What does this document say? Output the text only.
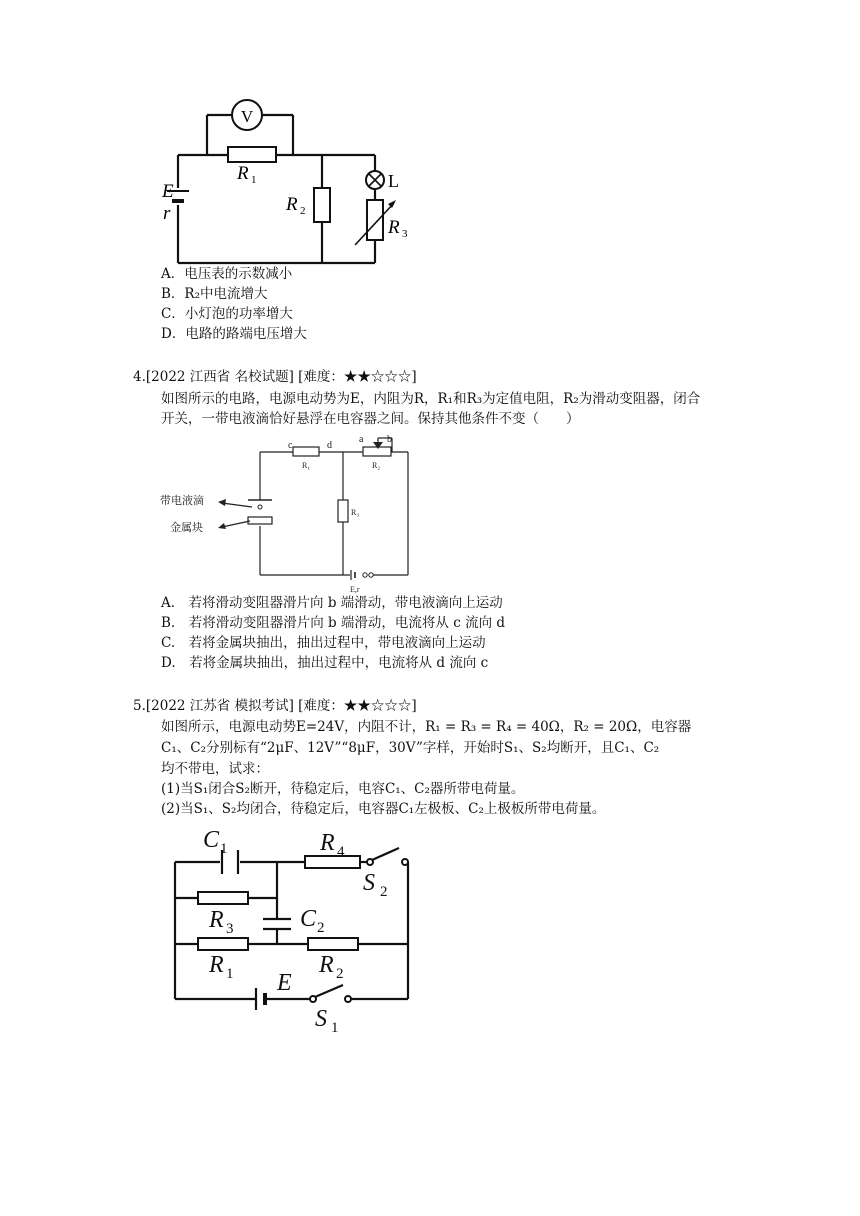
V
R 1
R 2
L
R 3
E
r
A．电压表的示数减小
B．R₂中电流增大
C．小灯泡的功率增大
D．电路的路端电压增大
4.[2022 江西省 名校试题] [难度：★★☆☆☆]
如图所示的电路，电源电动势为E，内阻为R，R₁和R₃为定值电阻，R₂为滑动变阻器，闭合
开关，一带电液滴恰好悬浮在电容器之间。保持其他条件不变（　　）
c	d
a b
R₁	R₂
R₃
带电液滴
金属块
E,r
A.　若将滑动变阻器滑片向 b 端滑动，带电液滴向上运动
B.　若将滑动变阻器滑片向 b 端滑动，电流将从 c 流向 d
C.　若将金属块抽出，抽出过程中，带电液滴向上运动
D.　若将金属块抽出，抽出过程中，电流将从 d 流向 c
5.[2022 江苏省 模拟考试] [难度：★★☆☆☆]
如图所示，电源电动势E=24V，内阻不计，R₁ = R₃ = R₄ = 40Ω，R₂ = 20Ω，电容器
C₁、C₂分别标有“2μF、12V”“8μF，30V”字样，开始时S₁、S₂均断开，且C₁、C₂
均不带电，试求：
(1)当S₁闭合S₂断开，待稳定后，电容C₁、C₂器所带电荷量。
(2)当S₁、S₂均闭合，待稳定后，电容器C₁左极板、C₂上极板所带电荷量。
C	R
S
R	C
R	R
E
S
1	4
2
3	2
1	2
1
